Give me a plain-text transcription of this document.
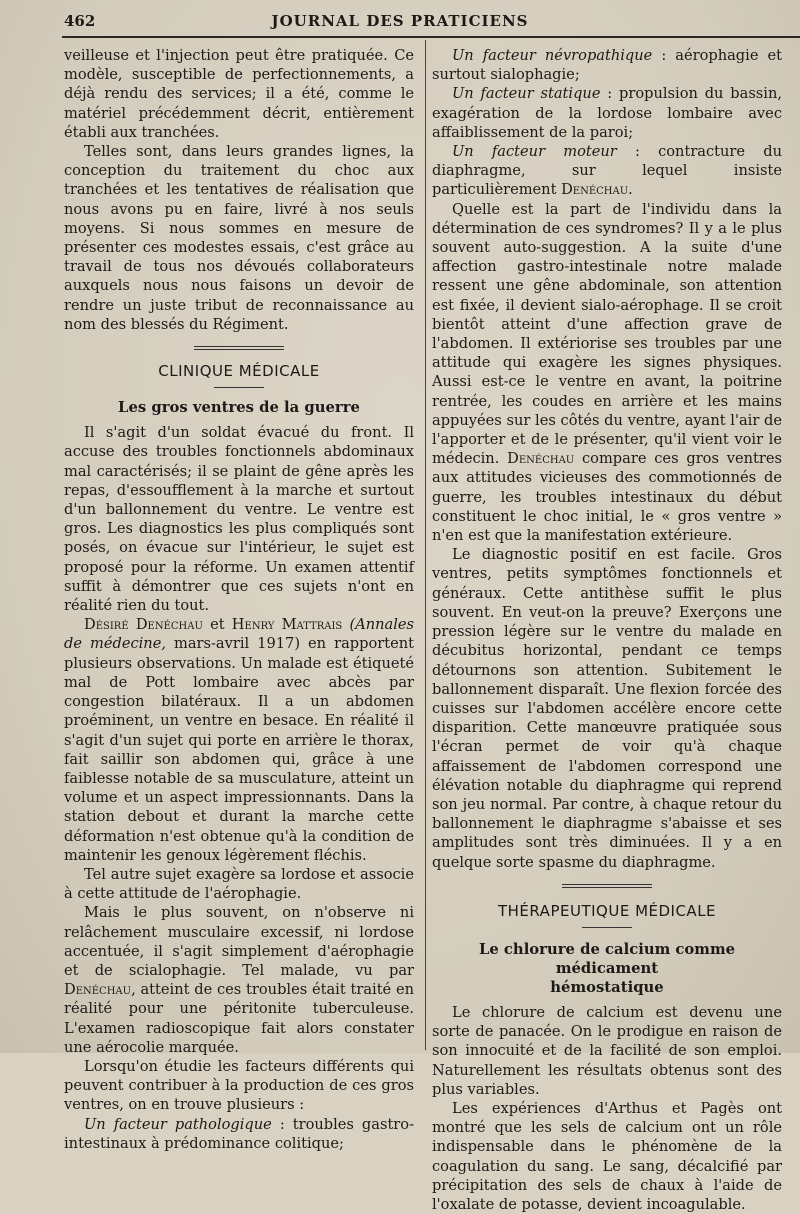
462	JOURNAL DES PRATICIENS

veilleuse et l'injection peut être pratiquée. Ce modèle, susceptible de perfectionnements, a déjà rendu des services; il a été, comme le matériel précédemment décrit, entièrement établi aux tranchées.

Telles sont, dans leurs grandes lignes, la conception du traitement du choc aux tranchées et les tentatives de réalisation que nous avons pu en faire, livré à nos seuls moyens. Si nous sommes en mesure de présenter ces modestes essais, c'est grâce au travail de tous nos dévoués collaborateurs auxquels nous nous faisons un devoir de rendre un juste tribut de reconnaissance au nom des blessés du Régiment.

CLINIQUE MÉDICALE
Les gros ventres de la guerre

Il s'agit d'un soldat évacué du front. Il accuse des troubles fonctionnels abdominaux mal caractérisés; il se plaint de gêne après les repas, d'essoufflement à la marche et surtout d'un ballonnement du ventre. Le ventre est gros. Les diagnostics les plus compliqués sont posés, on évacue sur l'intérieur, le sujet est proposé pour la réforme. Un examen attentif suffit à démontrer que ces sujets n'ont en réalité rien du tout.

Désiré Denéchau et Henry Mattrais (Annales de médecine, mars-avril 1917) en rapportent plusieurs observations. Un malade est étiqueté mal de Pott lombaire avec abcès par congestion bilatéraux. Il a un abdomen proéminent, un ventre en besace. En réalité il s'agit d'un sujet qui porte en arrière le thorax, fait saillir son abdomen qui, grâce à une faiblesse notable de sa musculature, atteint un volume et un aspect impressionnants. Dans la station debout et durant la marche cette déformation n'est obtenue qu'à la condition de maintenir les genoux légèrement fléchis.

Tel autre sujet exagère sa lordose et associe à cette attitude de l'aérophagie.

Mais le plus souvent, on n'observe ni relâchement musculaire excessif, ni lordose accentuée, il s'agit simplement d'aérophagie et de scialophagie. Tel malade, vu par Denéchau, atteint de ces troubles était traité en réalité pour une péritonite tuberculeuse. L'examen radioscopique fait alors constater une aérocolie marquée.

Lorsqu'on étudie les facteurs différents qui peuvent contribuer à la production de ces gros ventres, on en trouve plusieurs :

Un facteur pathologique : troubles gastro-intestinaux à prédominance colitique;

Un facteur névropathique : aérophagie et surtout sialophagie;

Un facteur statique : propulsion du bassin, exagération de la lordose lombaire avec affaiblissement de la paroi;

Un facteur moteur : contracture du diaphragme, sur lequel insiste particulièrement Denéchau.

Quelle est la part de l'individu dans la détermination de ces syndromes? Il y a le plus souvent auto-suggestion. A la suite d'une affection gastro-intestinale notre malade ressent une gêne abdominale, son attention est fixée, il devient sialo-aérophage. Il se croit bientôt atteint d'une affection grave de l'abdomen. Il extériorise ses troubles par une attitude qui exagère les signes physiques. Aussi est-ce le ventre en avant, la poitrine rentrée, les coudes en arrière et les mains appuyées sur les côtés du ventre, ayant l'air de l'apporter et de le présenter, qu'il vient voir le médecin. Denéchau compare ces gros ventres aux attitudes vicieuses des commotionnés de guerre, les troubles intestinaux du début constituent le choc initial, le « gros ventre » n'en est que la manifestation extérieure.

Le diagnostic positif en est facile. Gros ventres, petits symptômes fonctionnels et généraux. Cette antithèse suffit le plus souvent. En veut-on la preuve? Exerçons une pression légère sur le ventre du malade en décubitus horizontal, pendant ce temps détournons son attention. Subitement le ballonnement disparaît. Une flexion forcée des cuisses sur l'abdomen accélère encore cette disparition. Cette manœuvre pratiquée sous l'écran permet de voir qu'à chaque affaissement de l'abdomen correspond une élévation notable du diaphragme qui reprend son jeu normal. Par contre, à chaque retour du ballonnement le diaphragme s'abaisse et ses amplitudes sont très diminuées. Il y a en quelque sorte spasme du diaphragme.

THÉRAPEUTIQUE MÉDICALE
Le chlorure de calcium comme médicament
hémostatique

Le chlorure de calcium est devenu une sorte de panacée. On le prodigue en raison de son innocuité et de la facilité de son emploi. Naturellement les résultats obtenus sont des plus variables.

Les expériences d'Arthus et Pagès ont montré que les sels de calcium ont un rôle indispensable dans le phénomène de la coagulation du sang. Le sang, décalcifié par précipitation des sels de chaux à l'aide de l'oxalate de potasse, devient incoagulable.
